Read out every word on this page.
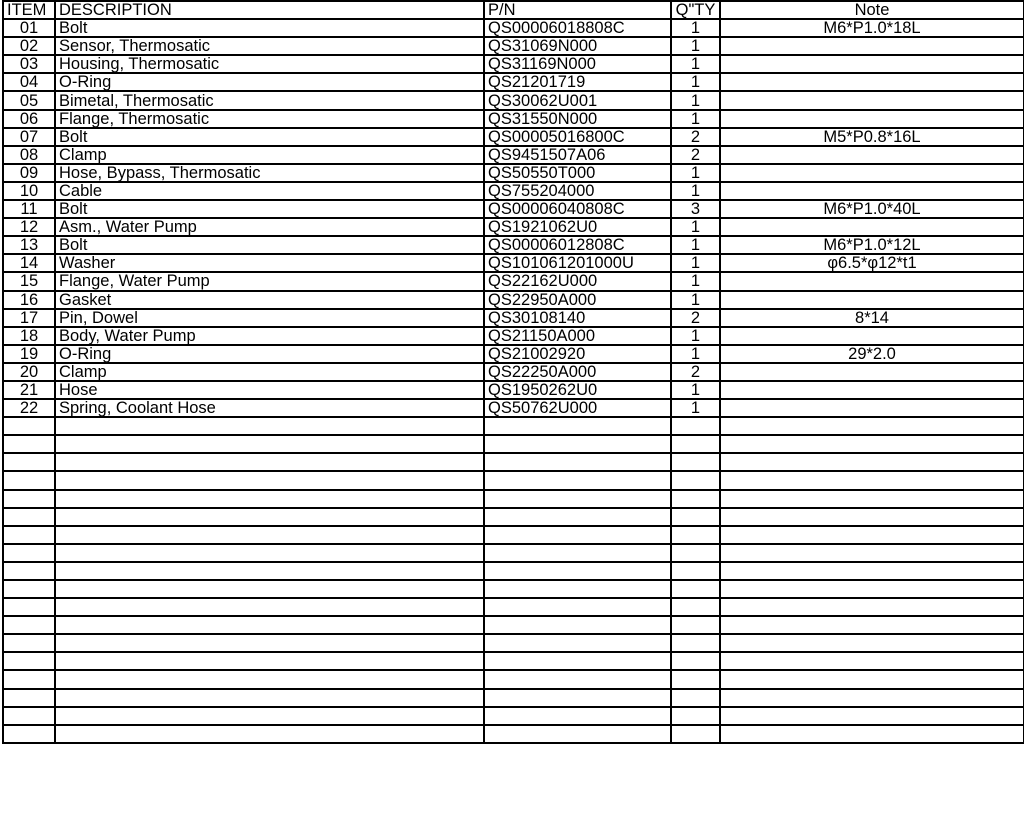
ITEM	DESCRIPTION	P/N	Q"TY	Note
01	Bolt	QS00006018808C	1	M6*P1.0*18L
02	Sensor, Thermosatic	QS31069N000	1	
03	Housing, Thermosatic	QS31169N000	1	
04	O-Ring	QS21201719	1	
05	Bimetal, Thermosatic	QS30062U001	1	
06	Flange, Thermosatic	QS31550N000	1	
07	Bolt	QS00005016800C	2	M5*P0.8*16L
08	Clamp	QS9451507A06	2	
09	Hose, Bypass, Thermosatic	QS50550T000	1	
10	Cable	QS755204000	1	
11	Bolt	QS00006040808C	3	M6*P1.0*40L
12	Asm., Water Pump	QS1921062U0	1	
13	Bolt	QS00006012808C	1	M6*P1.0*12L
14	Washer	QS101061201000U	1	φ6.5*φ12*t1
15	Flange, Water Pump	QS22162U000	1	
16	Gasket	QS22950A000	1	
17	Pin, Dowel	QS30108140	2	8*14
18	Body, Water Pump	QS21150A000	1	
19	O-Ring	QS21002920	1	29*2.0
20	Clamp	QS22250A000	2	
21	Hose	QS1950262U0	1	
22	Spring, Coolant Hose	QS50762U000	1	
